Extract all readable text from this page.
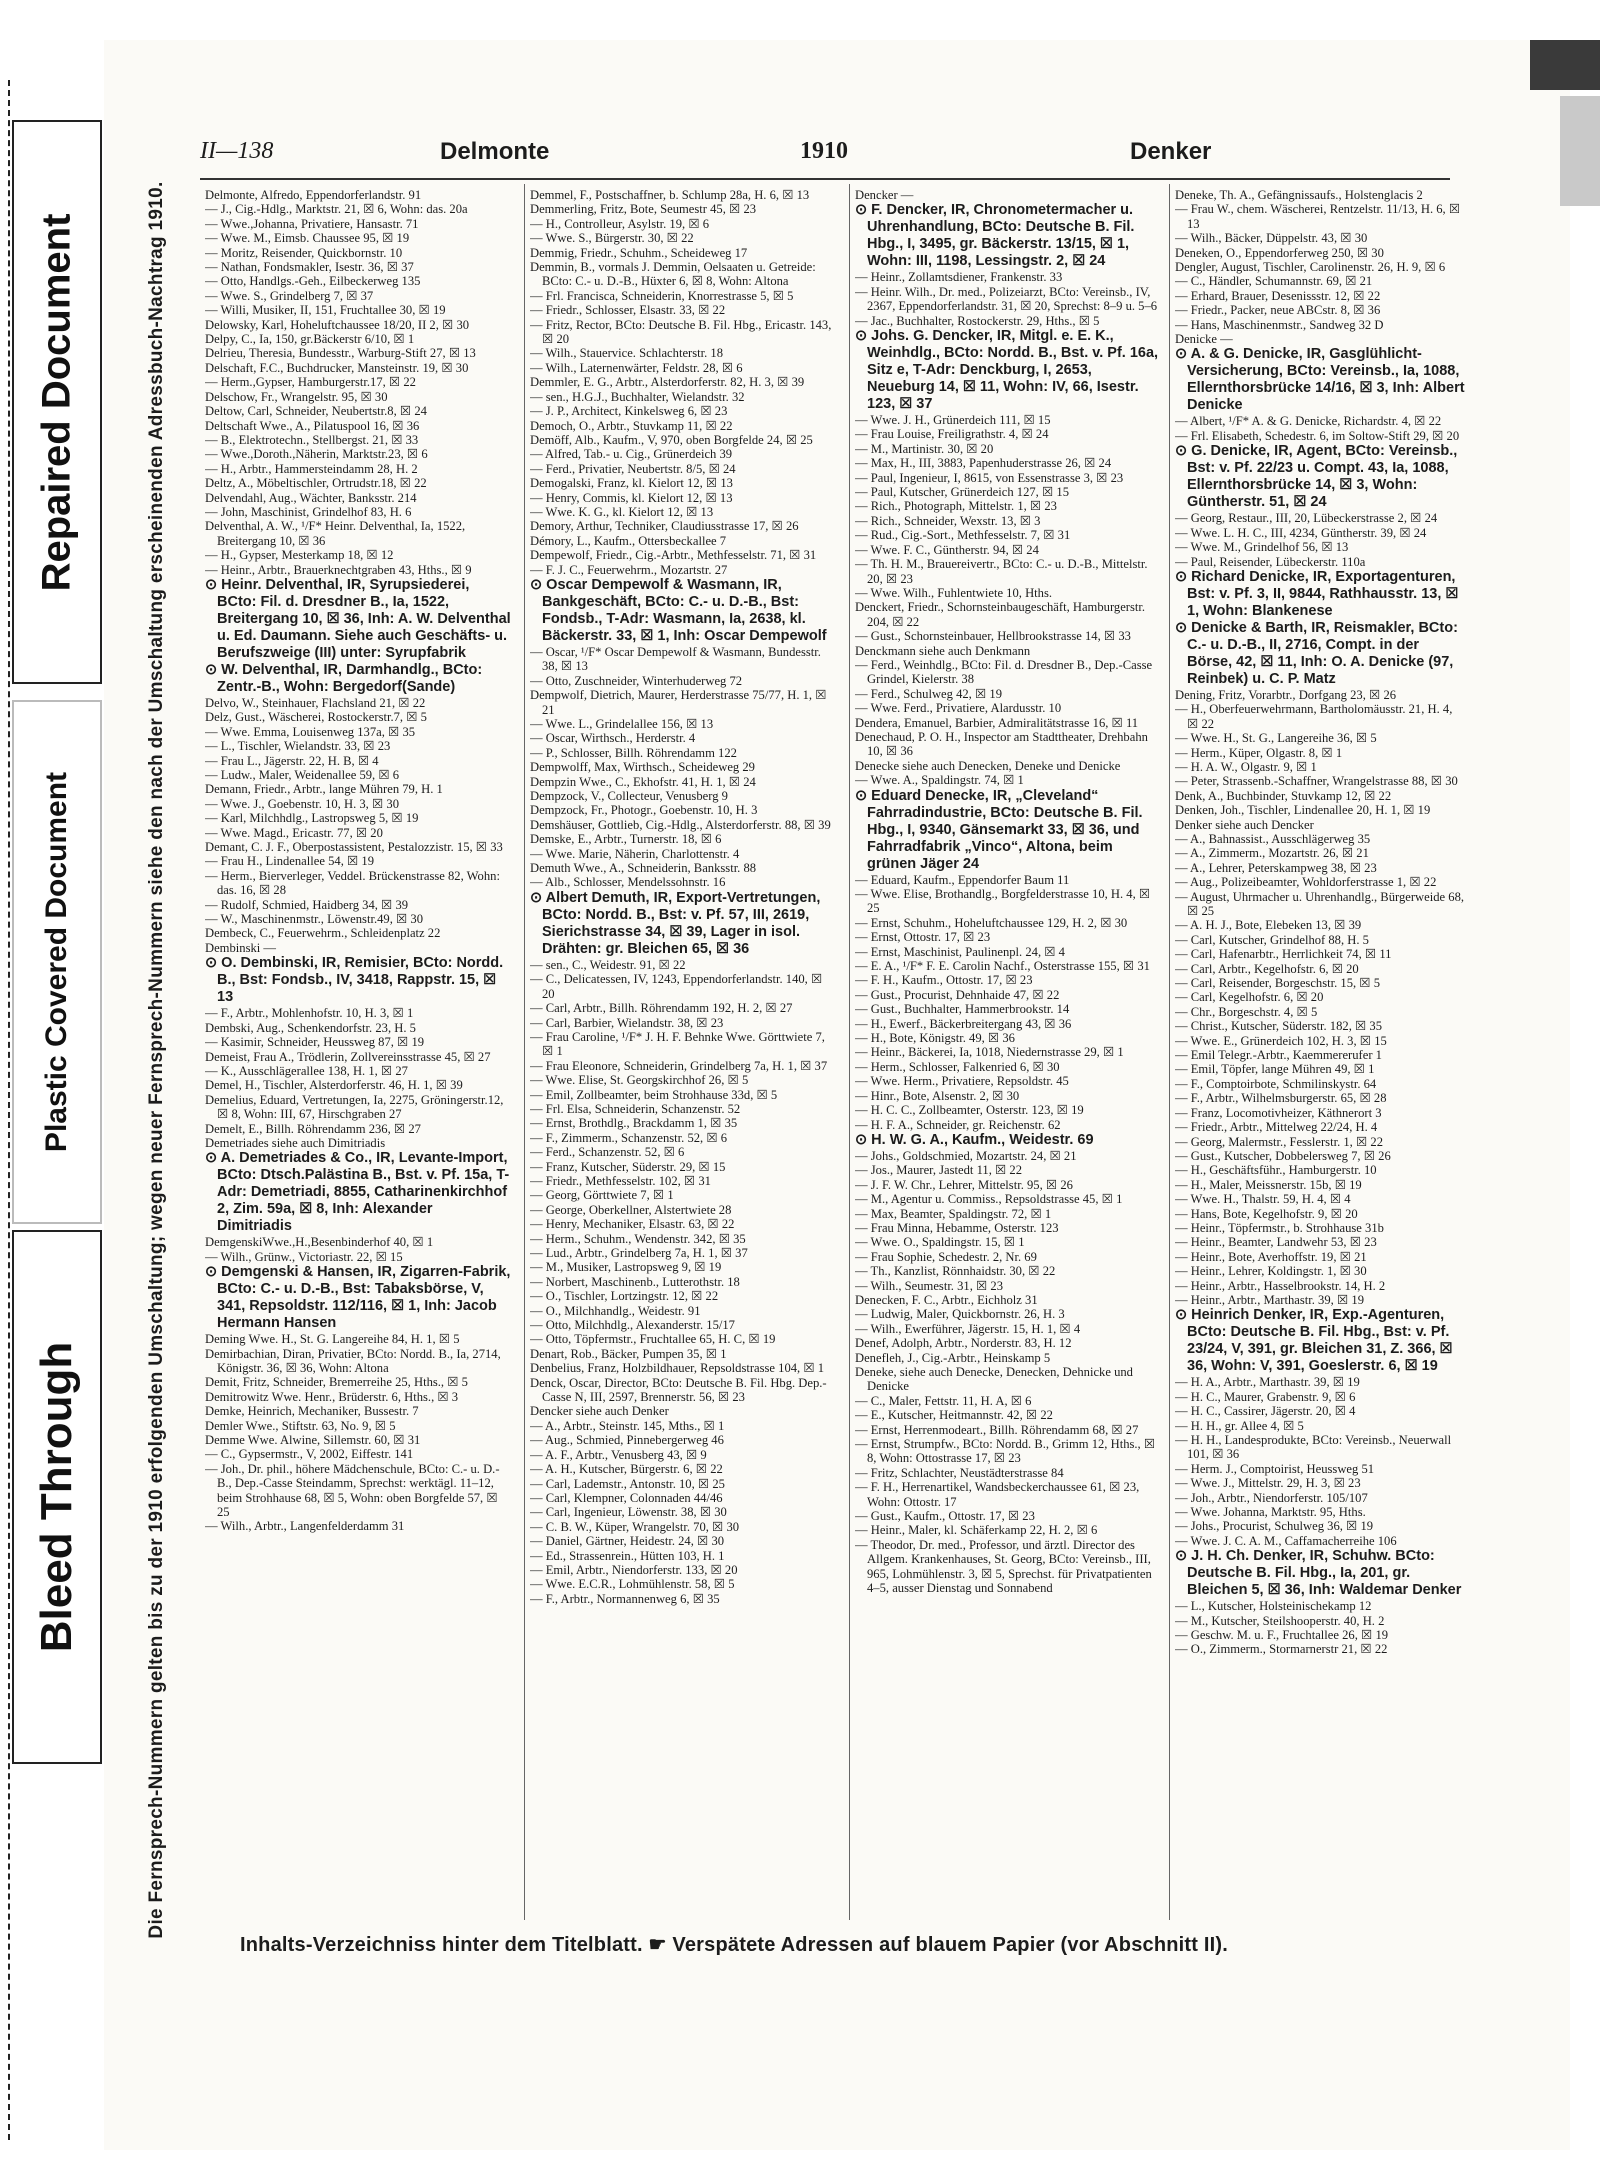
Repaired Document
Plastic Covered Document
Bleed Through
II—138	Delmonte	1910	Denker
Die Fernsprech-Nummern gelten bis zu der 1910 erfolgenden Umschaltung; wegen neuer Fernsprech-Nummern siehe den nach der Umschaltung erscheinenden Adressbuch-Nachtrag 1910.	Delmonte, Alfredo, Eppendorferlandstr. 91

— J., Cig.-Hdlg., Marktstr. 21, ☒ 6, Wohn: das. 20a

— Wwe.,Johanna, Privatiere, Hansastr. 71

— Wwe. M., Eimsb. Chaussee 95, ☒ 19

— Moritz, Reisender, Quickbornstr. 10

— Nathan, Fondsmakler, Isestr. 36, ☒ 37

— Otto, Handlgs.-Geh., Eilbeckerweg 135

— Wwe. S., Grindelberg 7, ☒ 37

— Willi, Musiker, II, 151, Fruchtallee 30, ☒ 19

Delowsky, Karl, Hoheluftchaussee 18/20, II 2, ☒ 30

Delpy, C., Ia, 150, gr.Bäckerstr 6/10, ☒ 1

Delrieu, Theresia, Bundesstr., Warburg-Stift 27, ☒ 13

Delschaft, F.C., Buchdrucker, Mansteinstr. 19, ☒ 30

— Herm.,Gypser, Hamburgerstr.17, ☒ 22

Delschow, Fr., Wrangelstr. 95, ☒ 30

Deltow, Carl, Schneider, Neubertstr.8, ☒ 24

Deltschaft Wwe., A., Pilatuspool 16, ☒ 36

— B., Elektrotechn., Stellbergst. 21, ☒ 33

— Wwe.,Doroth.,Näherin, Marktstr.23, ☒ 6

— H., Arbtr., Hammersteindamm 28, H. 2

Deltz, A., Möbeltischler, Ortrudstr.18, ☒ 22

Delvendahl, Aug., Wächter, Banksstr. 214

— John, Maschinist, Grindelhof 83, H. 6

Delventhal, A. W., ¹/F* Heinr. Delventhal, Ia, 1522, Breitergang 10, ☒ 36

— H., Gypser, Mesterkamp 18, ☒ 12

— Heinr., Arbtr., Brauerknechtgraben 43, Hths., ☒ 9

⊙ Heinr. Delventhal, IR, Syrupsiederei, BCto: Fil. d. Dresdner B., Ia, 1522, Breitergang 10, ☒ 36, Inh: A. W. Delventhal u. Ed. Daumann. Siehe auch Geschäfts- u. Berufszweige (III) unter: Syrupfabrik

⊙ W. Delventhal, IR, Darmhandlg., BCto: Zentr.-B., Wohn: Bergedorf(Sande)

Delvo, W., Steinhauer, Flachsland 21, ☒ 22

Delz, Gust., Wäscherei, Rostockerstr.7, ☒ 5

— Wwe. Emma, Louisenweg 137a, ☒ 35

— L., Tischler, Wielandstr. 33, ☒ 23

— Frau L., Jägerstr. 22, H. B, ☒ 4

— Ludw., Maler, Weidenallee 59, ☒ 6

Demann, Friedr., Arbtr., lange Mühren 79, H. 1

— Wwe. J., Goebenstr. 10, H. 3, ☒ 30

— Karl, Milchhdlg., Lastropsweg 5, ☒ 19

— Wwe. Magd., Ericastr. 77, ☒ 20

Demant, C. J. F., Oberpostassistent, Pestalozzistr. 15, ☒ 33

— Frau H., Lindenallee 54, ☒ 19

— Herm., Bierverleger, Veddel. Brückenstrasse 82, Wohn: das. 16, ☒ 28

— Rudolf, Schmied, Haidberg 34, ☒ 39

— W., Maschinenmstr., Löwenstr.49, ☒ 30

Dembeck, C., Feuerwehrm., Schleidenplatz 22

Dembinski —

⊙ O. Dembinski, IR, Remisier, BCto: Nordd. B., Bst: Fondsb., IV, 3418, Rappstr. 15, ☒ 13

— F., Arbtr., Mohlenhofstr. 10, H. 3, ☒ 1

Dembski, Aug., Schenkendorfstr. 23, H. 5

— Kasimir, Schneider, Heussweg 87, ☒ 19

Demeist, Frau A., Trödlerin, Zollvereinsstrasse 45, ☒ 27

— K., Ausschlägerallee 138, H. 1, ☒ 27

Demel, H., Tischler, Alsterdorferstr. 46, H. 1, ☒ 39

Demelius, Eduard, Vertretungen, Ia, 2275, Gröningerstr.12, ☒ 8, Wohn: III, 67, Hirschgraben 27

Demelt, E., Billh. Röhrendamm 236, ☒ 27

Demetriades siehe auch Dimitriadis

⊙ A. Demetriades & Co., IR, Levante-Import, BCto: Dtsch.Palästina B., Bst. v. Pf. 15a, T-Adr: Demetriadi, 8855, Catharinenkirchhof 2, Zim. 59a, ☒ 8, Inh: Alexander Dimitriadis

DemgenskiWwe.,H.,Besenbinderhof 40, ☒ 1

— Wilh., Grünw., Victoriastr. 22, ☒ 15

⊙ Demgenski & Hansen, IR, Zigarren-Fabrik, BCto: C.- u. D.-B., Bst: Tabaksbörse, V, 341, Repsoldstr. 112/116, ☒ 1, Inh: Jacob Hermann Hansen

Deming Wwe. H., St. G. Langereihe 84, H. 1, ☒ 5

Demirbachian, Diran, Privatier, BCto: Nordd. B., Ia, 2714, Königstr. 36, ☒ 36, Wohn: Altona

Demit, Fritz, Schneider, Bremerreihe 25, Hths., ☒ 5

Demitrowitz Wwe. Henr., Brüderstr. 6, Hths., ☒ 3

Demke, Heinrich, Mechaniker, Bussestr. 7

Demler Wwe., Stiftstr. 63, No. 9, ☒ 5

Demme Wwe. Alwine, Sillemstr. 60, ☒ 31

— C., Gypsermstr., V, 2002, Eiffestr. 141

— Joh., Dr. phil., höhere Mädchenschule, BCto: C.- u. D.-B., Dep.-Casse Steindamm, Sprechst: werktägl. 11–12, beim Strohhause 68, ☒ 5, Wohn: oben Borgfelde 57, ☒ 25

— Wilh., Arbtr., Langenfelderdamm 31

Demmel, F., Postschaffner, b. Schlump 28a, H. 6, ☒ 13

Demmerling, Fritz, Bote, Seumestr 45, ☒ 23

— H., Controlleur, Asylstr. 19, ☒ 6

— Wwe. S., Bürgerstr. 30, ☒ 22

Demmig, Friedr., Schuhm., Scheideweg 17

Demmin, B., vormals J. Demmin, Oelsaaten u. Getreide: BCto: C.- u. D.-B., Hüxter 6, ☒ 8, Wohn: Altona

— Frl. Francisca, Schneiderin, Knorrestrasse 5, ☒ 5

— Friedr., Schlosser, Elsastr. 33, ☒ 22

— Fritz, Rector, BCto: Deutsche B. Fil. Hbg., Ericastr. 143, ☒ 20

— Wilh., Stauervice. Schlachterstr. 18

— Wilh., Laternenwärter, Feldstr. 28, ☒ 6

Demmler, E. G., Arbtr., Alsterdorferstr. 82, H. 3, ☒ 39

— sen., H.G.J., Buchhalter, Wielandstr. 32

— J. P., Architect, Kinkelsweg 6, ☒ 23

Democh, O., Arbtr., Stuvkamp 11, ☒ 22

Demöff, Alb., Kaufm., V, 970, oben Borgfelde 24, ☒ 25

— Alfred, Tab.- u. Cig., Grünerdeich 39

— Ferd., Privatier, Neubertstr. 8/5, ☒ 24

Demogalski, Franz, kl. Kielort 12, ☒ 13

— Henry, Commis, kl. Kielort 12, ☒ 13

— Wwe. K. G., kl. Kielort 12, ☒ 13

Demory, Arthur, Techniker, Claudiusstrasse 17, ☒ 26

Démory, L., Kaufm., Ottersbeckallee 7

Dempewolf, Friedr., Cig.-Arbtr., Methfesselstr. 71, ☒ 31

— F. J. C., Feuerwehrm., Mozartstr. 27

⊙ Oscar Dempewolf & Wasmann, IR, Bankgeschäft, BCto: C.- u. D.-B., Bst: Fondsb., T-Adr: Wasmann, Ia, 2638, kl. Bäckerstr. 33, ☒ 1, Inh: Oscar Dempewolf

— Oscar, ¹/F* Oscar Dempewolf & Wasmann, Bundesstr. 38, ☒ 13

— Otto, Zuschneider, Winterhuderweg 72

Dempwolf, Dietrich, Maurer, Herderstrasse 75/77, H. 1, ☒ 21

— Wwe. L., Grindelallee 156, ☒ 13

— Oscar, Wirthsch., Herderstr. 4

— P., Schlosser, Billh. Röhrendamm 122

Dempwolff, Max, Wirthsch., Scheideweg 29

Dempzin Wwe., C., Ekhofstr. 41, H. 1, ☒ 24

Dempzock, V., Collecteur, Venusberg 9

Dempzock, Fr., Photogr., Goebenstr. 10, H. 3

Demshäuser, Gottlieb, Cig.-Hdlg., Alsterdorferstr. 88, ☒ 39

Demske, E., Arbtr., Turnerstr. 18, ☒ 6

— Wwe. Marie, Näherin, Charlottenstr. 4

Demuth Wwe., A., Schneiderin, Banksstr. 88

— Alb., Schlosser, Mendelssohnstr. 16

⊙ Albert Demuth, IR, Export-Vertretungen, BCto: Nordd. B., Bst: v. Pf. 57, III, 2619, Sierichstrasse 34, ☒ 39, Lager in isol. Drähten: gr. Bleichen 65, ☒ 36

— sen., C., Weidestr. 91, ☒ 22

— C., Delicatessen, IV, 1243, Eppendorferlandstr. 140, ☒ 20

— Carl, Arbtr., Billh. Röhrendamm 192, H. 2, ☒ 27

— Carl, Barbier, Wielandstr. 38, ☒ 23

— Frau Caroline, ¹/F* J. H. F. Behnke Wwe. Görttwiete 7, ☒ 1

— Frau Eleonore, Schneiderin, Grindelberg 7a, H. 1, ☒ 37

— Wwe. Elise, St. Georgskirchhof 26, ☒ 5

— Emil, Zollbeamter, beim Strohhause 33d, ☒ 5

— Frl. Elsa, Schneiderin, Schanzenstr. 52

— Ernst, Brothdlg., Brackdamm 1, ☒ 35

— F., Zimmerm., Schanzenstr. 52, ☒ 6

— Ferd., Schanzenstr. 52, ☒ 6

— Franz, Kutscher, Süderstr. 29, ☒ 15

— Friedr., Methfesselstr. 102, ☒ 31

— Georg, Görttwiete 7, ☒ 1

— George, Oberkellner, Alstertwiete 28

— Henry, Mechaniker, Elsastr. 63, ☒ 22

— Herm., Schuhm., Wendenstr. 342, ☒ 35

— Lud., Arbtr., Grindelberg 7a, H. 1, ☒ 37

— M., Musiker, Lastropsweg 9, ☒ 19

— Norbert, Maschinenb., Lutterothstr. 18

— O., Tischler, Lortzingstr. 12, ☒ 22

— O., Milchhandlg., Weidestr. 91

— Otto, Milchhdlg., Alexanderstr. 15/17

— Otto, Töpfermstr., Fruchtallee 65, H. C, ☒ 19

Denart, Rob., Bäcker, Pumpen 35, ☒ 1

Denbelius, Franz, Holzbildhauer, Repsoldstrasse 104, ☒ 1

Denck, Oscar, Director, BCto: Deutsche B. Fil. Hbg. Dep.-Casse N, III, 2597, Brennerstr. 56, ☒ 23

Dencker siehe auch Denker

— A., Arbtr., Steinstr. 145, Mths., ☒ 1

— Aug., Schmied, Pinnebergerweg 46

— A. F., Arbtr., Venusberg 43, ☒ 9

— A. H., Kutscher, Bürgerstr. 6, ☒ 22

— Carl, Lademstr., Antonstr. 10, ☒ 25

— Carl, Klempner, Colonnaden 44/46

— Carl, Ingenieur, Löwenstr. 38, ☒ 30

— C. B. W., Küper, Wrangelstr. 70, ☒ 30

— Daniel, Gärtner, Heidestr. 24, ☒ 30

— Ed., Strassenrein., Hütten 103, H. 1

— Emil, Arbtr., Niendorferstr. 133, ☒ 20

— Wwe. E.C.R., Lohmühlenstr. 58, ☒ 5

— F., Arbtr., Normannenweg 6, ☒ 35

Dencker —

⊙ F. Dencker, IR, Chronometermacher u. Uhrenhandlung, BCto: Deutsche B. Fil. Hbg., I, 3495, gr. Bäckerstr. 13/15, ☒ 1, Wohn: III, 1198, Lessingstr. 2, ☒ 24

— Heinr., Zollamtsdiener, Frankenstr. 33

— Heinr. Wilh., Dr. med., Polizeiarzt, BCto: Vereinsb., IV, 2367, Eppendorferlandstr. 31, ☒ 20, Sprechst: 8–9 u. 5–6

— Jac., Buchhalter, Rostockerstr. 29, Hths., ☒ 5

⊙ Johs. G. Dencker, IR, Mitgl. e. E. K., Weinhdlg., BCto: Nordd. B., Bst. v. Pf. 16a, Sitz e, T-Adr: Denckburg, I, 2653, Neueburg 14, ☒ 11, Wohn: IV, 66, Isestr. 123, ☒ 37

— Wwe. J. H., Grünerdeich 111, ☒ 15

— Frau Louise, Freiligrathstr. 4, ☒ 24

— M., Martinistr. 30, ☒ 20

— Max, H., III, 3883, Papenhuderstrasse 26, ☒ 24

— Paul, Ingenieur, I, 8615, von Essenstrasse 3, ☒ 23

— Paul, Kutscher, Grünerdeich 127, ☒ 15

— Rich., Photograph, Mittelstr. 1, ☒ 23

— Rich., Schneider, Wexstr. 13, ☒ 3

— Rud., Cig.-Sort., Methfesselstr. 7, ☒ 31

— Wwe. F. C., Güntherstr. 94, ☒ 24

— Th. H. M., Brauereivertr., BCto: C.- u. D.-B., Mittelstr. 20, ☒ 23

— Wwe. Wilh., Fuhlentwiete 10, Hths.

Denckert, Friedr., Schornsteinbaugeschäft, Hamburgerstr. 204, ☒ 22

— Gust., Schornsteinbauer, Hellbrookstrasse 14, ☒ 33

Denckmann siehe auch Denkmann

— Ferd., Weinhdlg., BCto: Fil. d. Dresdner B., Dep.-Casse Grindel, Kielerstr. 38

— Ferd., Schulweg 42, ☒ 19

— Wwe. Ferd., Privatiere, Alardusstr. 10

Dendera, Emanuel, Barbier, Admiralitätstrasse 16, ☒ 11

Denechaud, P. O. H., Inspector am Stadttheater, Drehbahn 10, ☒ 36

Denecke siehe auch Denecken, Deneke und Denicke

— Wwe. A., Spaldingstr. 74, ☒ 1

⊙ Eduard Denecke, IR, „Cleveland“ Fahrradindustrie, BCto: Deutsche B. Fil. Hbg., I, 9340, Gänsemarkt 33, ☒ 36, und Fahrradfabrik „Vinco“, Altona, beim grünen Jäger 24

— Eduard, Kaufm., Eppendorfer Baum 11

— Wwe. Elise, Brothandlg., Borgfelderstrasse 10, H. 4, ☒ 25

— Ernst, Schuhm., Hoheluftchaussee 129, H. 2, ☒ 30

— Ernst, Ottostr. 17, ☒ 23

— Ernst, Maschinist, Paulinenpl. 24, ☒ 4

— E. A., ¹/F* F. E. Carolin Nachf., Osterstrasse 155, ☒ 31

— F. H., Kaufm., Ottostr. 17, ☒ 23

— Gust., Procurist, Dehnhaide 47, ☒ 22

— Gust., Buchhalter, Hammerbrookstr. 14

— H., Ewerf., Bäckerbreitergang 43, ☒ 36

— H., Bote, Königstr. 49, ☒ 36

— Heinr., Bäckerei, Ia, 1018, Niedernstrasse 29, ☒ 1

— Herm., Schlosser, Falkenried 6, ☒ 30

— Wwe. Herm., Privatiere, Repsoldstr. 45

— Hinr., Bote, Alsenstr. 2, ☒ 30

— H. C. C., Zollbeamter, Osterstr. 123, ☒ 19

— H. F. A., Schneider, gr. Reichenstr. 62

⊙ H. W. G. A., Kaufm., Weidestr. 69

— Johs., Goldschmied, Mozartstr. 24, ☒ 21

— Jos., Maurer, Jastedt 11, ☒ 22

— J. F. W. Chr., Lehrer, Mittelstr. 95, ☒ 26

— M., Agentur u. Commiss., Repsoldstrasse 45, ☒ 1

— Max, Beamter, Spaldingstr. 72, ☒ 1

— Frau Minna, Hebamme, Osterstr. 123

— Wwe. O., Spaldingstr. 15, ☒ 1

— Frau Sophie, Schedestr. 2, Nr. 69

— Th., Kanzlist, Rönnhaidstr. 30, ☒ 22

— Wilh., Seumestr. 31, ☒ 23

Denecken, F. C., Arbtr., Eichholz 31

— Ludwig, Maler, Quickbornstr. 26, H. 3

— Wilh., Ewerführer, Jägerstr. 15, H. 1, ☒ 4

Denef, Adolph, Arbtr., Norderstr. 83, H. 12

Denefleh, J., Cig.-Arbtr., Heinskamp 5

Deneke, siehe auch Denecke, Denecken, Dehnicke und Denicke

— C., Maler, Fettstr. 11, H. A, ☒ 6

— E., Kutscher, Heitmannstr. 42, ☒ 22

— Ernst, Herrenmodeart., Billh. Röhrendamm 68, ☒ 27

— Ernst, Strumpfw., BCto: Nordd. B., Grimm 12, Hths., ☒ 8, Wohn: Ottostrasse 17, ☒ 23

— Fritz, Schlachter, Neustädterstrasse 84

— F. H., Herrenartikel, Wandsbeckerchaussee 61, ☒ 23, Wohn: Ottostr. 17

— Gust., Kaufm., Ottostr. 17, ☒ 23

— Heinr., Maler, kl. Schäferkamp 22, H. 2, ☒ 6

— Theodor, Dr. med., Professor, und ärztl. Director des Allgem. Krankenhauses, St. Georg, BCto: Vereinsb., III, 965, Lohmühlenstr. 3, ☒ 5, Sprechst. für Privatpatienten 4–5, ausser Dienstag und Sonnabend

Deneke, Th. A., Gefängnissaufs., Holstenglacis 2

— Frau W., chem. Wäscherei, Rentzelstr. 11/13, H. 6, ☒ 13

— Wilh., Bäcker, Düppelstr. 43, ☒ 30

Deneken, O., Eppendorferweg 250, ☒ 30

Dengler, August, Tischler, Carolinenstr. 26, H. 9, ☒ 6

— C., Händler, Schumannstr. 69, ☒ 21

— Erhard, Brauer, Desenissstr. 12, ☒ 22

— Friedr., Packer, neue ABCstr. 8, ☒ 36

— Hans, Maschinenmstr., Sandweg 32 D

Denicke —

⊙ A. & G. Denicke, IR, Gasglühlicht-Versicherung, BCto: Vereinsb., Ia, 1088, Ellernthorsbrücke 14/16, ☒ 3, Inh: Albert Denicke

— Albert, ¹/F* A. & G. Denicke, Richardstr. 4, ☒ 22

— Frl. Elisabeth, Schedestr. 6, im Soltow-Stift 29, ☒ 20

⊙ G. Denicke, IR, Agent, BCto: Vereinsb., Bst: v. Pf. 22/23 u. Compt. 43, Ia, 1088, Ellernthorsbrücke 14, ☒ 3, Wohn: Güntherstr. 51, ☒ 24

— Georg, Restaur., III, 20, Lübeckerstrasse 2, ☒ 24

— Wwe. L. H. C., III, 4234, Güntherstr. 39, ☒ 24

— Wwe. M., Grindelhof 56, ☒ 13

— Paul, Reisender, Lübeckerstr. 110a

⊙ Richard Denicke, IR, Exportagenturen, Bst: v. Pf. 3, II, 9844, Rathhausstr. 13, ☒ 1, Wohn: Blankenese

⊙ Denicke & Barth, IR, Reismakler, BCto: C.- u. D.-B., II, 2716, Compt. in der Börse, 42, ☒ 11, Inh: O. A. Denicke (97, Reinbek) u. C. P. Matz

Dening, Fritz, Vorarbtr., Dorfgang 23, ☒ 26

— H., Oberfeuerwehrmann, Bartholomäusstr. 21, H. 4, ☒ 22

— Wwe. H., St. G., Langereihe 36, ☒ 5

— Herm., Küper, Olgastr. 8, ☒ 1

— H. A. W., Olgastr. 9, ☒ 1

— Peter, Strassenb.-Schaffner, Wrangelstrasse 88, ☒ 30

Denk, A., Buchbinder, Stuvkamp 12, ☒ 22

Denken, Joh., Tischler, Lindenallee 20, H. 1, ☒ 19

Denker siehe auch Dencker

— A., Bahnassist., Ausschlägerweg 35

— A., Zimmerm., Mozartstr. 26, ☒ 21

— A., Lehrer, Peterskampweg 38, ☒ 23

— Aug., Polizeibeamter, Wohldorferstrasse 1, ☒ 22

— August, Uhrmacher u. Uhrenhandlg., Bürgerweide 68, ☒ 25

— A. H. J., Bote, Elebeken 13, ☒ 39

— Carl, Kutscher, Grindelhof 88, H. 5

— Carl, Hafenarbtr., Herrlichkeit 74, ☒ 11

— Carl, Arbtr., Kegelhofstr. 6, ☒ 20

— Carl, Reisender, Borgeschstr. 15, ☒ 5

— Carl, Kegelhofstr. 6, ☒ 20

— Chr., Borgeschstr. 4, ☒ 5

— Christ., Kutscher, Süderstr. 182, ☒ 35

— Wwe. E., Grünerdeich 102, H. 3, ☒ 15

— Emil Telegr.-Arbtr., Kaemmererufer 1

— Emil, Töpfer, lange Mühren 49, ☒ 1

— F., Comptoirbote, Schmilinskystr. 64

— F., Arbtr., Wilhelmsburgerstr. 65, ☒ 28

— Franz, Locomotivheizer, Käthnerort 3

— Friedr., Arbtr., Mittelweg 22/24, H. 4

— Georg, Malermstr., Fesslerstr. 1, ☒ 22

— Gust., Kutscher, Dobbelersweg 7, ☒ 26

— H., Geschäftsführ., Hamburgerstr. 10

— H., Maler, Meissnerstr. 15b, ☒ 19

— Wwe. H., Thalstr. 59, H. 4, ☒ 4

— Hans, Bote, Kegelhofstr. 9, ☒ 20

— Heinr., Töpfermstr., b. Strohhause 31b

— Heinr., Beamter, Landwehr 53, ☒ 23

— Heinr., Bote, Averhoffstr. 19, ☒ 21

— Heinr., Lehrer, Koldingstr. 1, ☒ 30

— Heinr., Arbtr., Hasselbrookstr. 14, H. 2

— Heinr., Arbtr., Marthastr. 39, ☒ 19

⊙ Heinrich Denker, IR, Exp.-Agenturen, BCto: Deutsche B. Fil. Hbg., Bst: v. Pf. 23/24, V, 391, gr. Bleichen 31, Z. 366, ☒ 36, Wohn: V, 391, Goeslerstr. 6, ☒ 19

— H. A., Arbtr., Marthastr. 39, ☒ 19

— H. C., Maurer, Grabenstr. 9, ☒ 6

— H. C., Cassirer, Jägerstr. 20, ☒ 4

— H. H., gr. Allee 4, ☒ 5

— H. H., Landesprodukte, BCto: Vereinsb., Neuerwall 101, ☒ 36

— Herm. J., Comptoirist, Heussweg 51

— Wwe. J., Mittelstr. 29, H. 3, ☒ 23

— Joh., Arbtr., Niendorferstr. 105/107

— Wwe. Johanna, Marktstr. 95, Hths.

— Johs., Procurist, Schulweg 36, ☒ 19

— Wwe. J. C. A. M., Caffamacherreihe 106

⊙ J. H. Ch. Denker, IR, Schuhw. BCto: Deutsche B. Fil. Hbg., Ia, 201, gr. Bleichen 5, ☒ 36, Inh: Waldemar Denker

— L., Kutscher, Holsteinischekamp 12

— M., Kutscher, Steilshooperstr. 40, H. 2

— Geschw. M. u. F., Fruchtallee 26, ☒ 19

— O., Zimmerm., Stormarnerstr 21, ☒ 22

Inhalts-Verzeichniss hinter dem Titelblatt. ☛ Verspätete Adressen auf blauem Papier (vor Abschnitt II).
